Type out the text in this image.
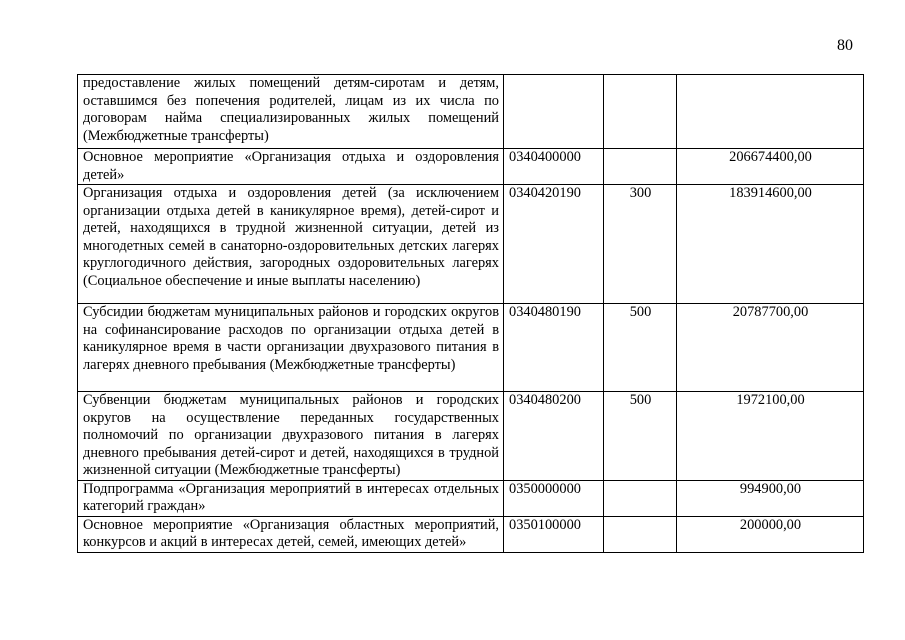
80
предоставление жилых помещений детям-сиротам и детям, оставшимся без попечения родителей, лицам из их числа по договорам найма специализированных жилых помещений (Межбюджетные трансферты)			
Основное мероприятие «Организация отдыха и оздоровления детей»	0340400000		206674400,00
Организация отдыха и оздоровления детей (за исключением организации отдыха детей в каникулярное время), детей-сирот и детей, находящихся в трудной жизненной ситуации, детей из многодетных семей в санаторно-оздоровительных детских лагерях круглогодичного действия, загородных оздоровительных лагерях (Социальное обеспечение и иные выплаты населению)	0340420190	300	183914600,00
Субсидии бюджетам муниципальных районов и городских округов на софинансирование расходов по организации отдыха детей в каникулярное время в части организации двухразового питания в лагерях дневного пребывания (Межбюджетные трансферты)	0340480190	500	20787700,00
Субвенции бюджетам муниципальных районов и городских округов на осуществление переданных государственных полномочий по организации двухразового питания в лагерях дневного пребывания детей-сирот и детей, находящихся в трудной жизненной ситуации (Межбюджетные трансферты)	0340480200	500	1972100,00
Подпрограмма «Организация мероприятий в интересах отдельных категорий граждан»	0350000000		994900,00
Основное мероприятие «Организация областных мероприятий, конкурсов и акций в интересах детей, семей, имеющих детей»	0350100000		200000,00
